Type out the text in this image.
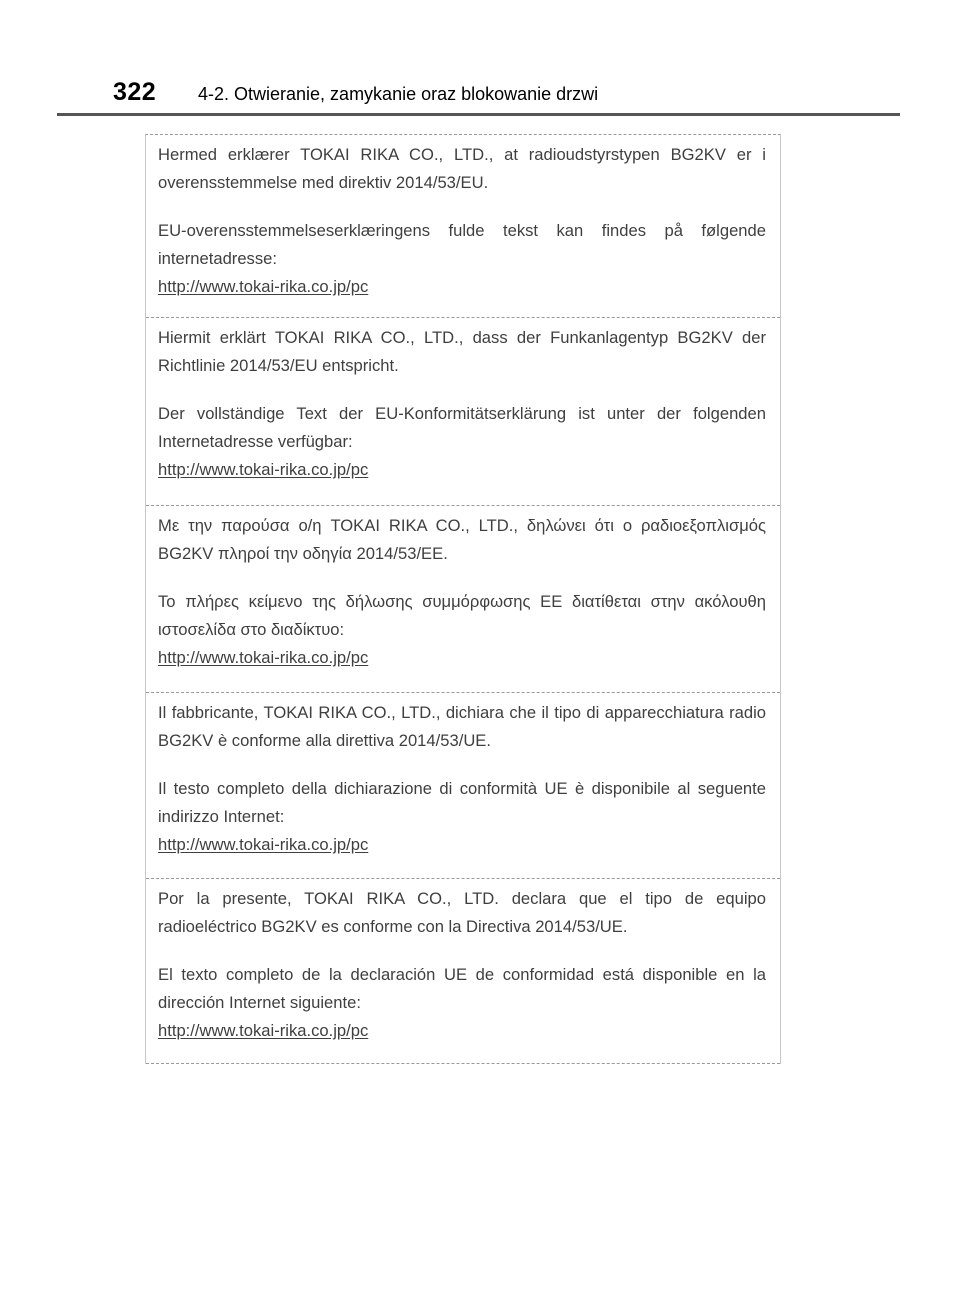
322 4-2. Otwieranie, zamykanie oraz blokowanie drzwi

Hermed erklærer TOKAI RIKA CO., LTD., at radioudstyrstypen BG2KV er i overensstemmelse med direktiv 2014/53/EU.

EU-overensstemmelseserklæringens fulde tekst kan findes på følgende internetadresse:

http://www.tokai-rika.co.jp/pc

Hiermit erklärt TOKAI RIKA CO., LTD., dass der Funkanlagentyp BG2KV der Richtlinie 2014/53/EU entspricht.

Der vollständige Text der EU-Konformitätserklärung ist unter der folgenden Internetadresse verfügbar:

http://www.tokai-rika.co.jp/pc

Με την παρούσα ο/η TOKAI RIKA CO., LTD., δηλώνει ότι ο ραδιοεξοπλισμός BG2KV πληροί την οδηγία 2014/53/ΕΕ.

Το πλήρες κείμενο της δήλωσης συμμόρφωσης ΕΕ διατίθεται στην ακόλουθη ιστοσελίδα στο διαδίκτυο:

http://www.tokai-rika.co.jp/pc

Il fabbricante, TOKAI RIKA CO., LTD., dichiara che il tipo di apparecchiatura radio BG2KV è conforme alla direttiva 2014/53/UE.

Il testo completo della dichiarazione di conformità UE è disponibile al seguente indirizzo Internet:

http://www.tokai-rika.co.jp/pc

Por la presente, TOKAI RIKA CO., LTD. declara que el tipo de equipo radioeléctrico BG2KV es conforme con la Directiva 2014/53/UE.

El texto completo de la declaración UE de conformidad está disponible en la dirección Internet siguiente:

http://www.tokai-rika.co.jp/pc
